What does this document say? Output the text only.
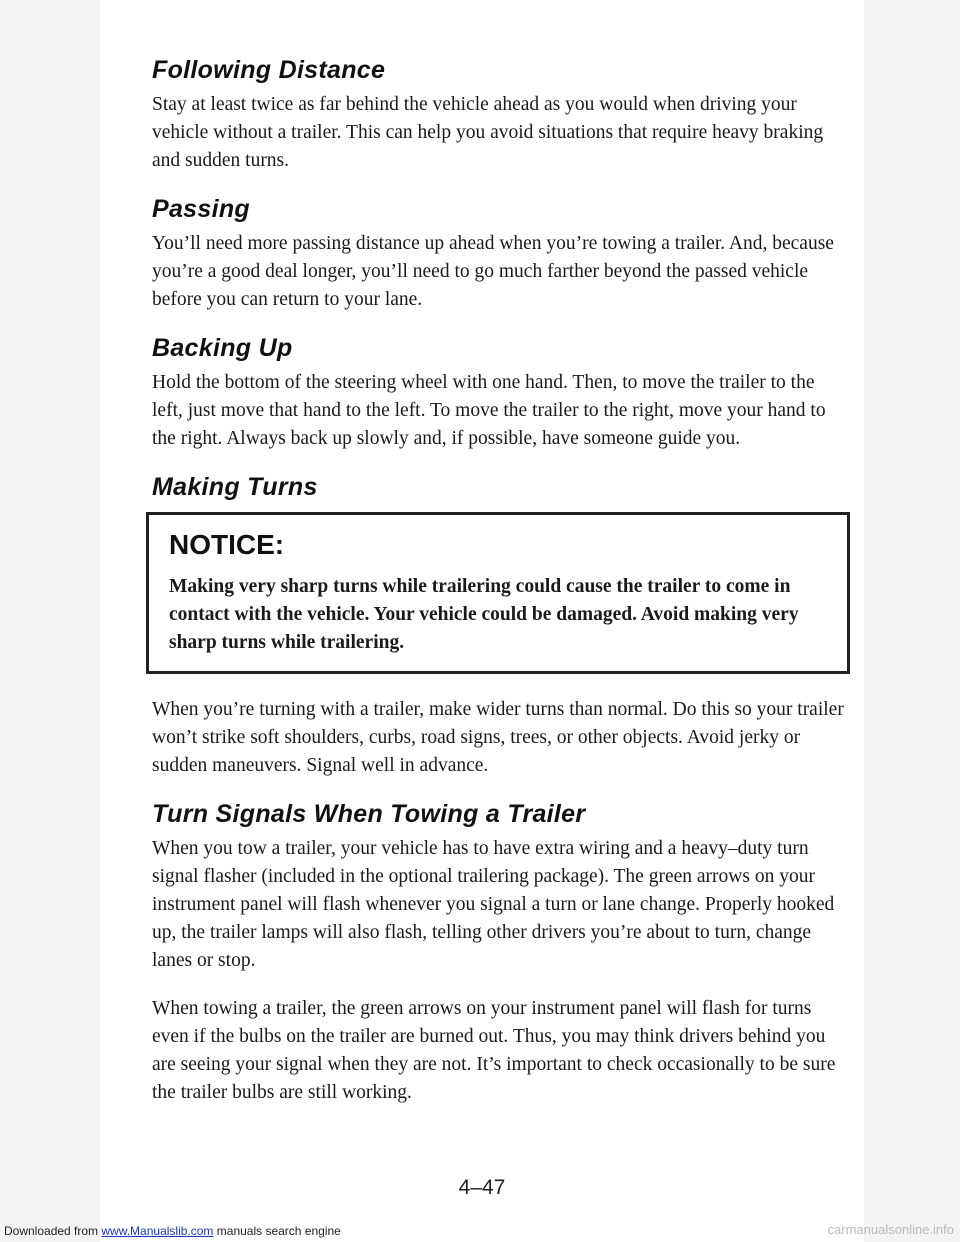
Following Distance

Stay at least twice as far behind the vehicle ahead as you would when driving your vehicle without a trailer. This can help you avoid situations that require heavy braking and sudden turns.

Passing

You’ll need more passing distance up ahead when you’re towing a trailer. And, because you’re a good deal longer, you’ll need to go much farther beyond the passed vehicle before you can return to your lane.

Backing Up

Hold the bottom of the steering wheel with one hand. Then, to move the trailer to the left, just move that hand to the left. To move the trailer to the right, move your hand to the right. Always back up slowly and, if possible, have someone guide you.

Making Turns
NOTICE:

Making very sharp turns while trailering could cause the trailer to come in contact with the vehicle. Your vehicle could be damaged. Avoid making very sharp turns while trailering.

When you’re turning with a trailer, make wider turns than normal. Do this so your trailer won’t strike soft shoulders, curbs, road signs, trees, or other objects. Avoid jerky or sudden maneuvers. Signal well in advance.

Turn Signals When Towing a Trailer

When you tow a trailer, your vehicle has to have extra wiring and a heavy–duty turn signal flasher (included in the optional trailering package). The green arrows on your instrument panel will flash whenever you signal a turn or lane change. Properly hooked up, the trailer lamps will also flash, telling other drivers you’re about to turn, change lanes or stop.

When towing a trailer, the green arrows on your instrument panel will flash for turns even if the bulbs on the trailer are burned out. Thus, you may think drivers behind you are seeing your signal when they are not. It’s important to check occasionally to be sure the trailer bulbs are still working.

4–47
Downloaded from www.Manualslib.com manuals search engine	carmanualsonline.info
